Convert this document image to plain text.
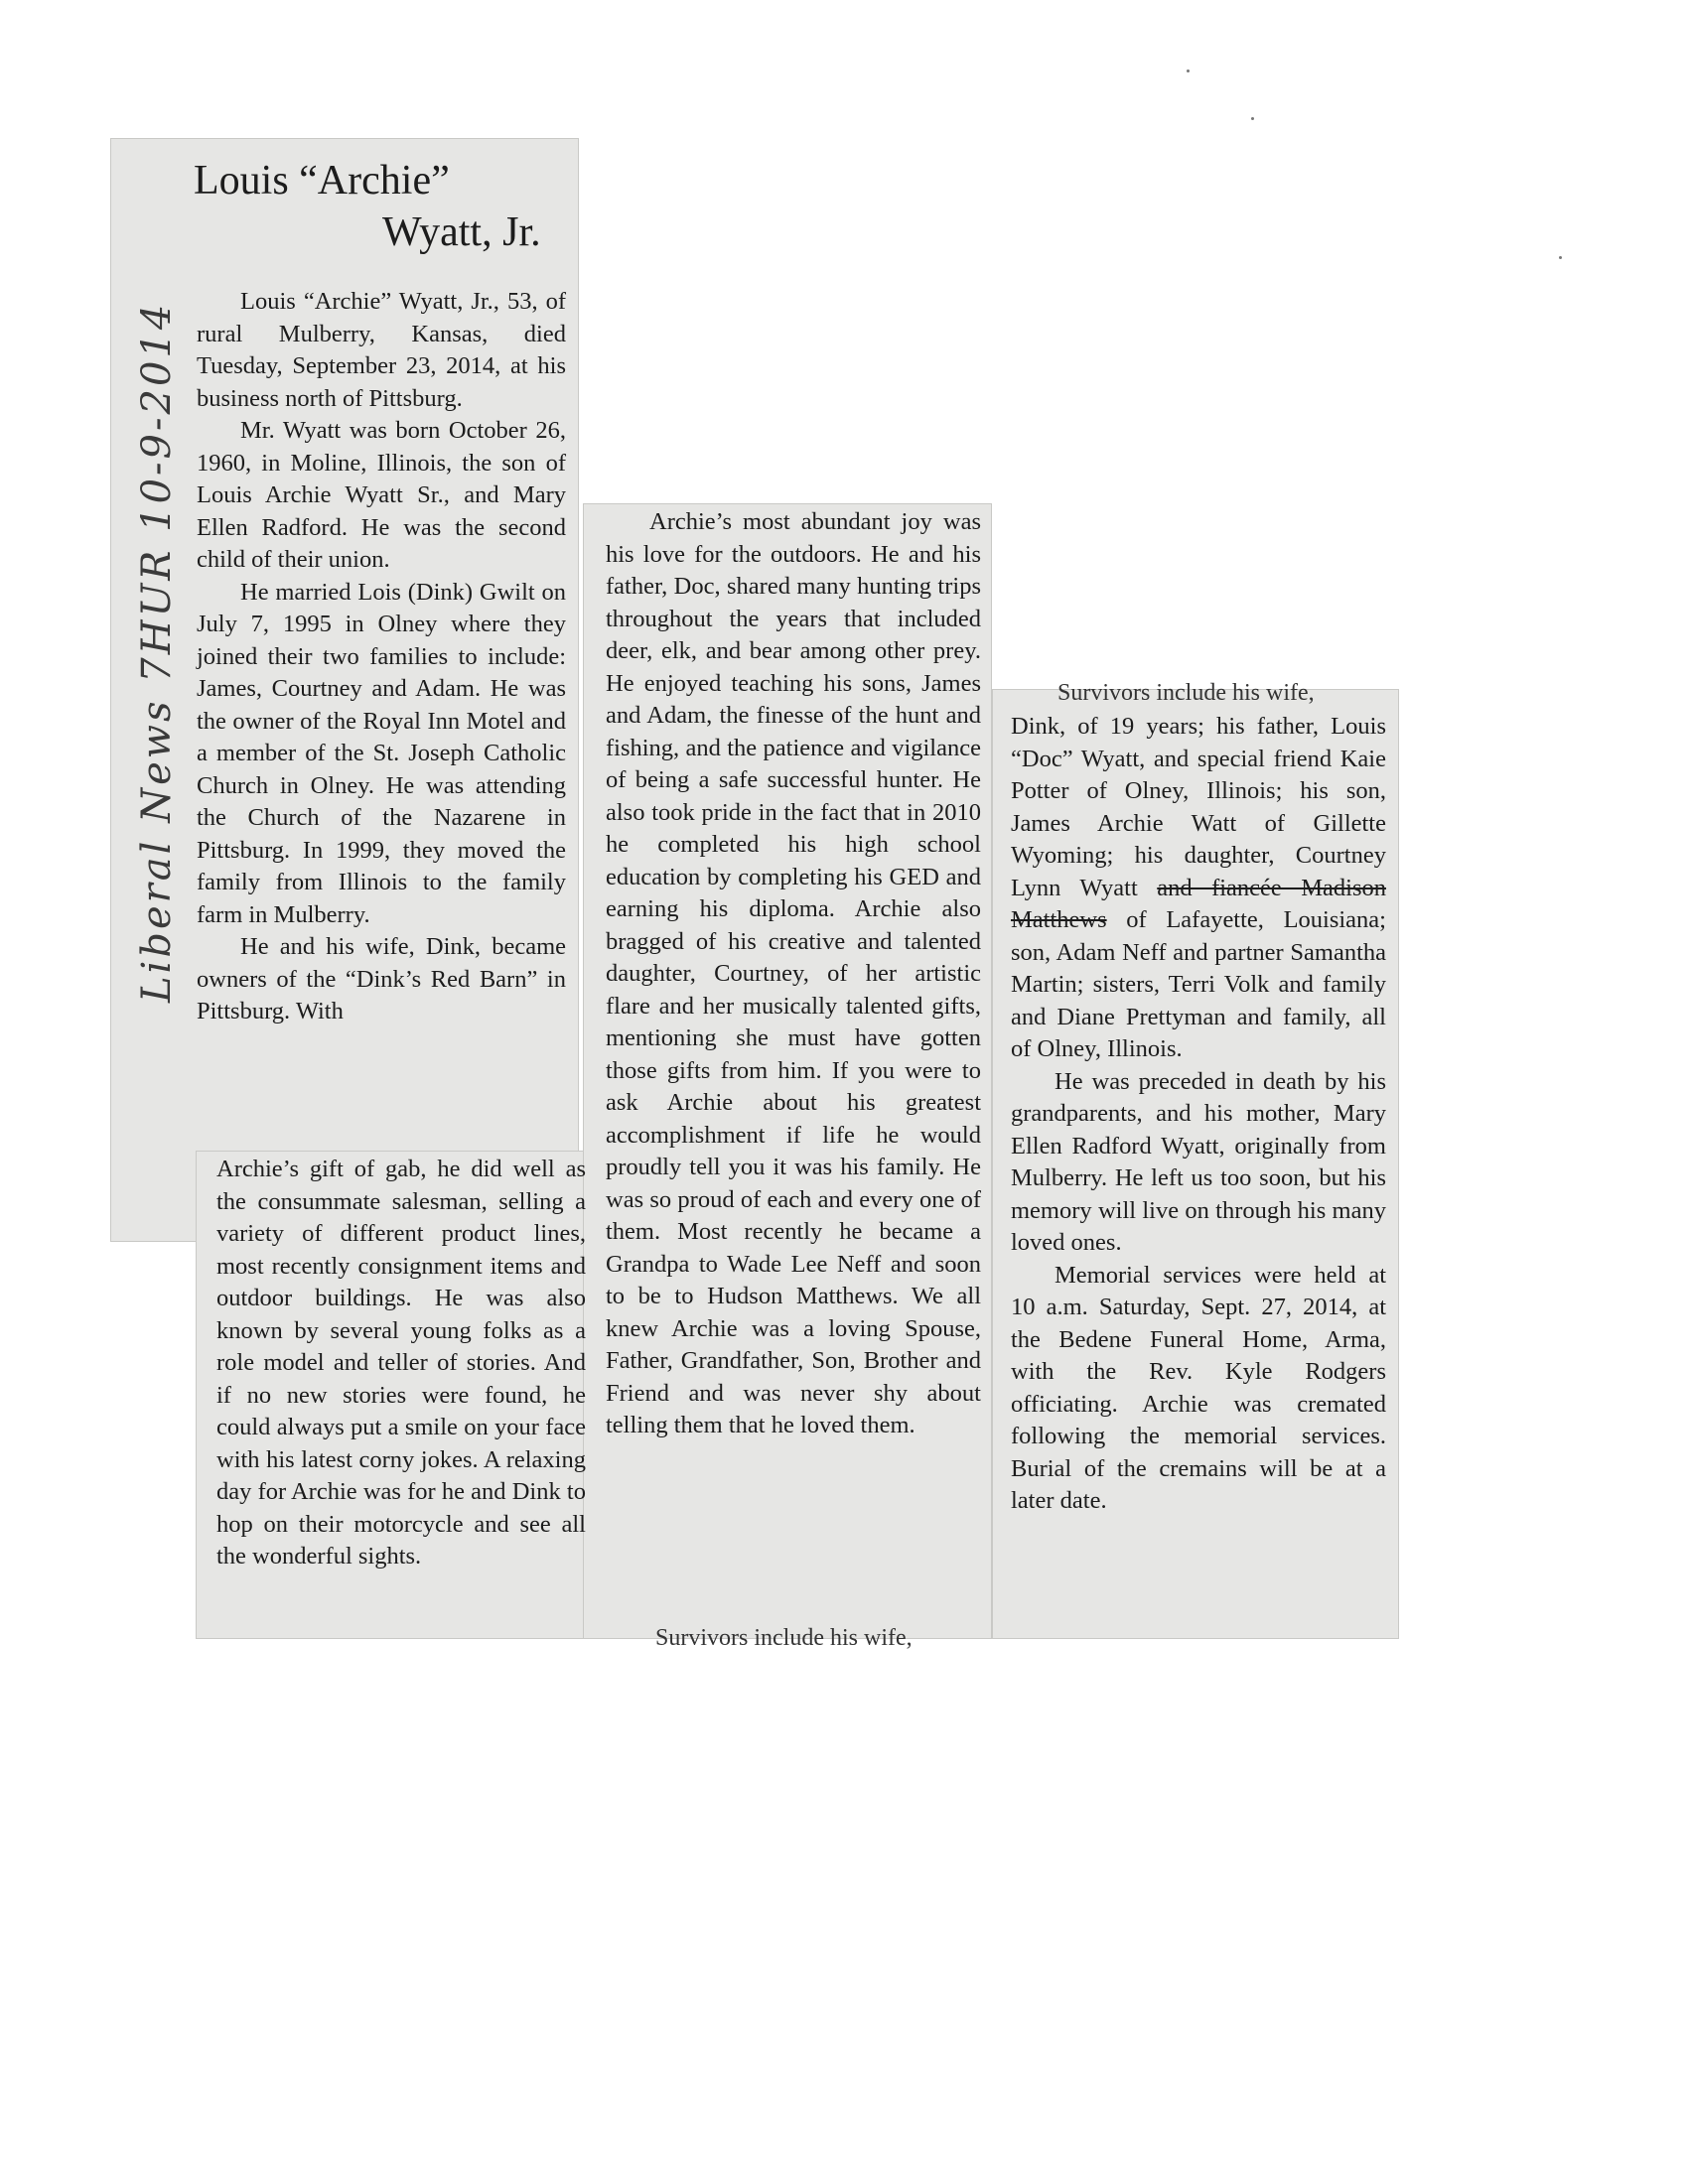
Liberal News 7HUR 10-9-2014
Louis “Archie”
Wyatt, Jr.

Louis “Archie” Wyatt, Jr., 53, of rural Mulberry, Kansas, died Tuesday, September 23, 2014, at his business north of Pittsburg.

Mr. Wyatt was born October 26, 1960, in Moline, Illinois, the son of Louis Archie Wyatt Sr., and Mary Ellen Radford. He was the second child of their union.

He married Lois (Dink) Gwilt on July 7, 1995 in Olney where they joined their two families to include: James, Courtney and Adam. He was the owner of the Royal Inn Motel and a member of the St. Joseph Catholic Church in Olney. He was attending the Church of the Nazarene in Pittsburg. In 1999, they moved the family from Illinois to the family farm in Mulberry.

He and his wife, Dink, became owners of the “Dink’s Red Barn” in Pittsburg. With

Archie’s gift of gab, he did well as the consummate salesman, selling a variety of different product lines, most recently consignment items and outdoor buildings. He was also known by several young folks as a role model and teller of stories. And if no new stories were found, he could always put a smile on your face with his latest corny jokes. A relaxing day for Archie was for he and Dink to hop on their motorcycle and see all the wonderful sights.

Archie’s most abundant joy was his love for the outdoors. He and his father, Doc, shared many hunting trips throughout the years that included deer, elk, and bear among other prey. He enjoyed teaching his sons, James and Adam, the finesse of the hunt and fishing, and the patience and vigilance of being a safe successful hunter. He also took pride in the fact that in 2010 he completed his high school education by completing his GED and earning his diploma. Archie also bragged of his creative and talented daughter, Courtney, of her artistic flare and her musically talented gifts, mentioning she must have gotten those gifts from him. If you were to ask Archie about his greatest accomplishment if life he would proudly tell you it was his family. He was so proud of each and every one of them. Most recently he became a Grandpa to Wade Lee Neff and soon to be to Hudson Matthews. We all knew Archie was a loving Spouse, Father, Grandfather, Son, Brother and Friend and was never shy about telling them that he loved them.

Survivors include his wife,
Survivors include his wife,

Dink, of 19 years; his father, Louis “Doc” Wyatt, and special friend Kaie Potter of Olney, Illinois; his son, James Archie Watt of Gillette Wyoming; his daughter, Courtney Lynn Wyatt and fiancée Madison Matthews of Lafayette, Louisiana; son, Adam Neff and partner Samantha Martin; sisters, Terri Volk and family and Diane Prettyman and family, all of Olney, Illinois.

He was preceded in death by his grandparents, and his mother, Mary Ellen Radford Wyatt, originally from Mulberry. He left us too soon, but his memory will live on through his many loved ones.

Memorial services were held at 10 a.m. Saturday, Sept. 27, 2014, at the Bedene Funeral Home, Arma, with the Rev. Kyle Rodgers officiating. Archie was cremated following the memorial services. Burial of the cremains will be at a later date.
